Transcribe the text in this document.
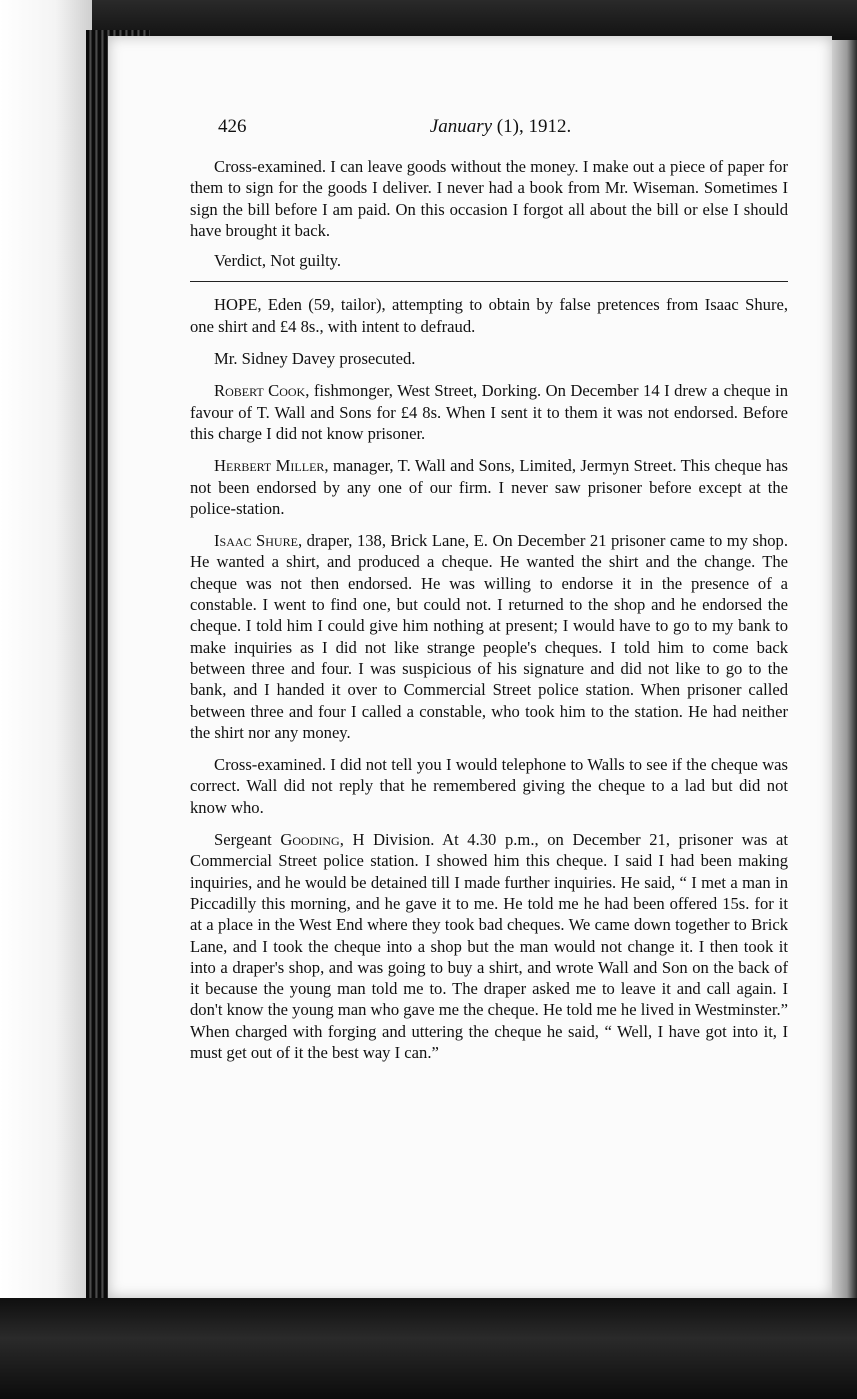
426	January (1), 1912.

Cross-examined. I can leave goods without the money. I make out a piece of paper for them to sign for the goods I deliver. I never had a book from Mr. Wiseman. Sometimes I sign the bill before I am paid. On this occasion I forgot all about the bill or else I should have brought it back.

Verdict, Not guilty.

HOPE, Eden (59, tailor), attempting to obtain by false pretences from Isaac Shure, one shirt and £4 8s., with intent to defraud.

Mr. Sidney Davey prosecuted.

Robert Cook, fishmonger, West Street, Dorking. On December 14 I drew a cheque in favour of T. Wall and Sons for £4 8s. When I sent it to them it was not endorsed. Before this charge I did not know prisoner.

Herbert Miller, manager, T. Wall and Sons, Limited, Jermyn Street. This cheque has not been endorsed by any one of our firm. I never saw prisoner before except at the police-station.

Isaac Shure, draper, 138, Brick Lane, E. On December 21 prisoner came to my shop. He wanted a shirt, and produced a cheque. He wanted the shirt and the change. The cheque was not then endorsed. He was willing to endorse it in the presence of a constable. I went to find one, but could not. I returned to the shop and he endorsed the cheque. I told him I could give him nothing at present; I would have to go to my bank to make inquiries as I did not like strange people's cheques. I told him to come back between three and four. I was suspicious of his signature and did not like to go to the bank, and I handed it over to Commercial Street police station. When prisoner called between three and four I called a constable, who took him to the station. He had neither the shirt nor any money.

Cross-examined. I did not tell you I would telephone to Walls to see if the cheque was correct. Wall did not reply that he remembered giving the cheque to a lad but did not know who.

Sergeant Gooding, H Division. At 4.30 p.m., on December 21, prisoner was at Commercial Street police station. I showed him this cheque. I said I had been making inquiries, and he would be detained till I made further inquiries. He said, “ I met a man in Piccadilly this morning, and he gave it to me. He told me he had been offered 15s. for it at a place in the West End where they took bad cheques. We came down together to Brick Lane, and I took the cheque into a shop but the man would not change it. I then took it into a draper's shop, and was going to buy a shirt, and wrote Wall and Son on the back of it because the young man told me to. The draper asked me to leave it and call again. I don't know the young man who gave me the cheque. He told me he lived in Westminster.” When charged with forging and uttering the cheque he said, “ Well, I have got into it, I must get out of it the best way I can.”
